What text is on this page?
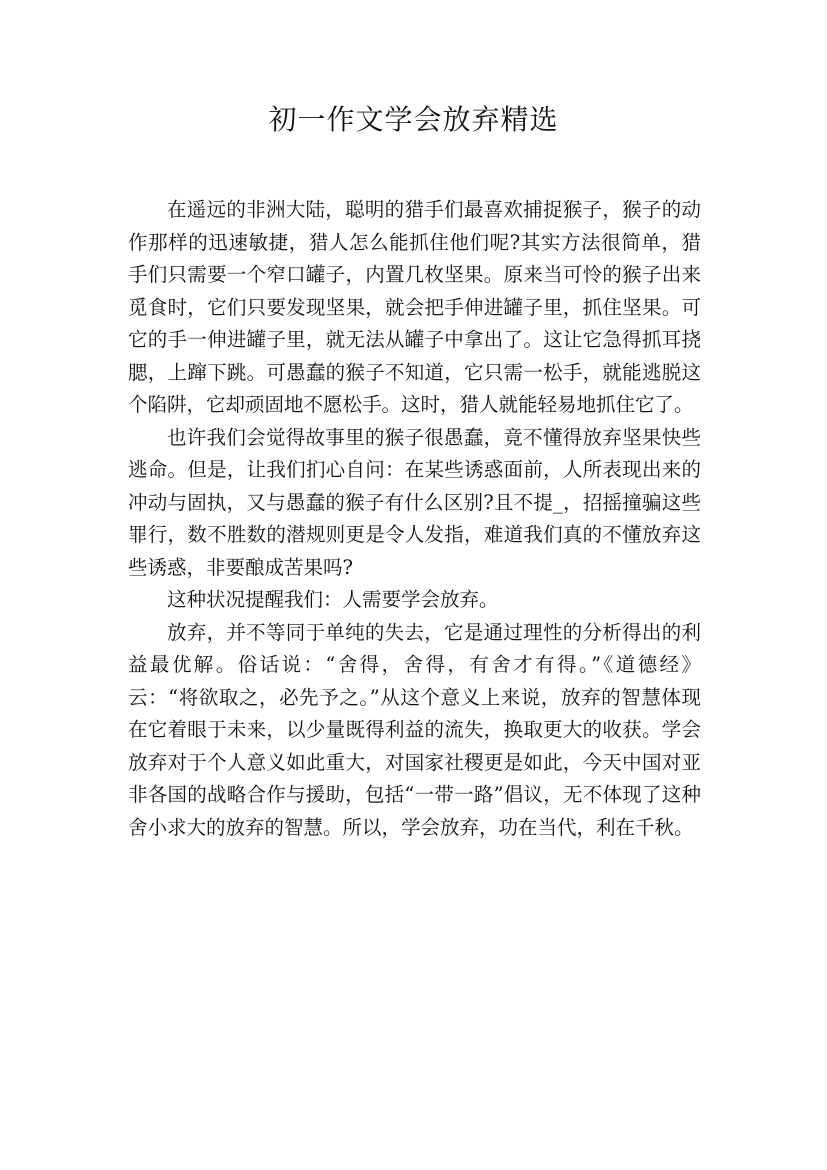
初一作文学会放弃精选

在遥远的非洲大陆，聪明的猎手们最喜欢捕捉猴子，猴子的动作那样的迅速敏捷，猎人怎么能抓住他们呢?其实方法很简单，猎手们只需要一个窄口罐子，内置几枚坚果。原来当可怜的猴子出来觅食时，它们只要发现坚果，就会把手伸进罐子里，抓住坚果。可它的手一伸进罐子里，就无法从罐子中拿出了。这让它急得抓耳挠腮，上蹿下跳。可愚蠢的猴子不知道，它只需一松手，就能逃脱这个陷阱，它却顽固地不愿松手。这时，猎人就能轻易地抓住它了。

也许我们会觉得故事里的猴子很愚蠢，竟不懂得放弃坚果快些逃命。但是，让我们扪心自问：在某些诱惑面前，人所表现出来的冲动与固执，又与愚蠢的猴子有什么区别?且不提_，招摇撞骗这些罪行，数不胜数的潜规则更是令人发指，难道我们真的不懂放弃这些诱惑，非要酿成苦果吗?

这种状况提醒我们：人需要学会放弃。

放弃，并不等同于单纯的失去，它是通过理性的分析得出的利益最优解。俗话说：“舍得，舍得，有舍才有得。”《道德经》云：“将欲取之，必先予之。”从这个意义上来说，放弃的智慧体现在它着眼于未来，以少量既得利益的流失，换取更大的收获。学会放弃对于个人意义如此重大，对国家社稷更是如此，今天中国对亚非各国的战略合作与援助，包括“一带一路”倡议，无不体现了这种舍小求大的放弃的智慧。所以，学会放弃，功在当代，利在千秋。
